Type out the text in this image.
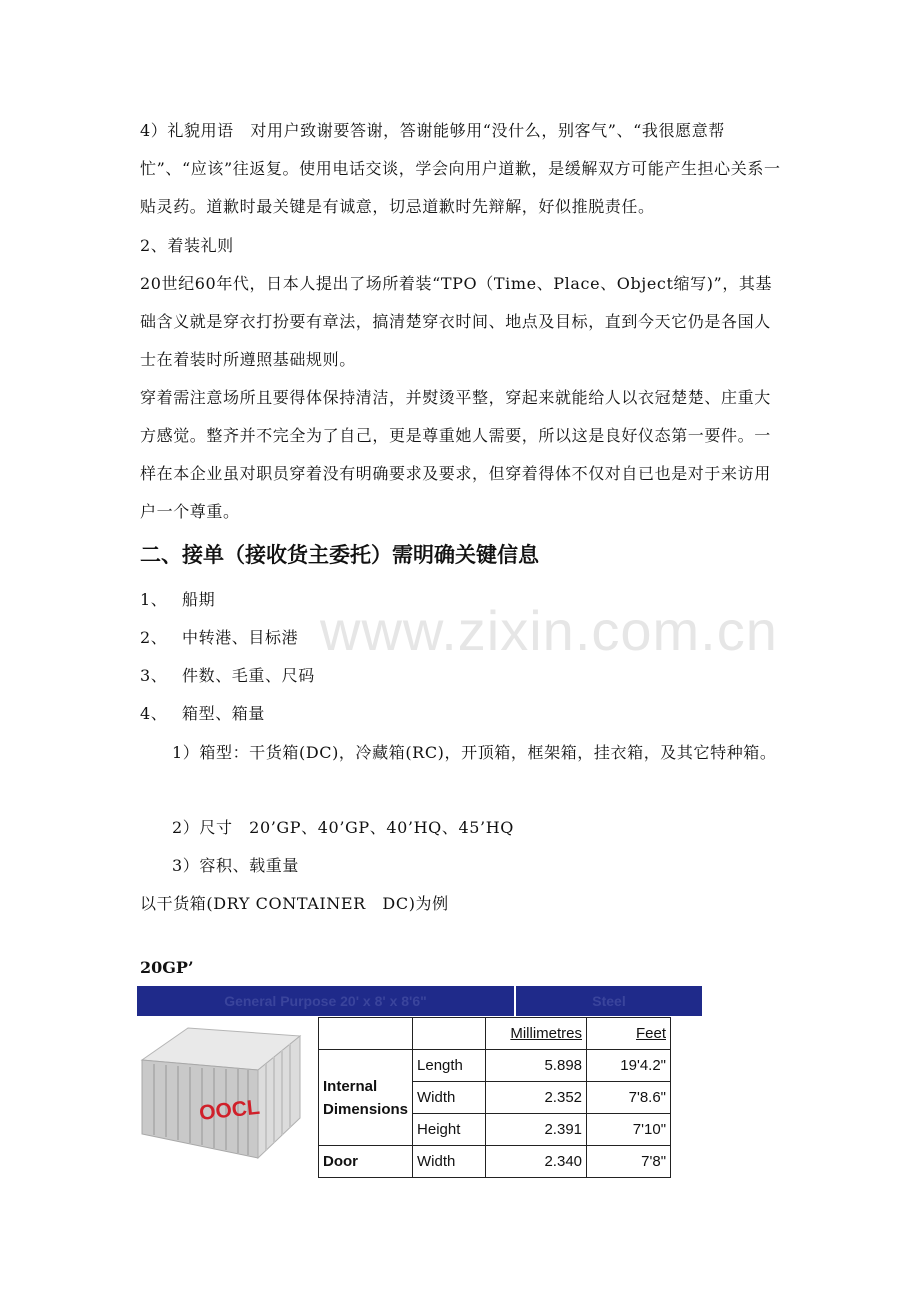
4）礼貌用语　对用户致谢要答谢，答谢能够用“没什么，别客气”、“我很愿意帮忙”、“应该”往返复。使用电话交谈，学会向用户道歉，是缓解双方可能产生担心关系一贴灵药。道歉时最关键是有诚意，切忌道歉时先辩解，好似推脱责任。
2、着装礼则
20世纪60年代，日本人提出了场所着装“TPO（Time、Place、Object缩写)”，其基础含义就是穿衣打扮要有章法，搞清楚穿衣时间、地点及目标，直到今天它仍是各国人士在着装时所遵照基础规则。
穿着需注意场所且要得体保持清洁，并熨烫平整，穿起来就能给人以衣冠楚楚、庄重大方感觉。整齐并不完全为了自己，更是尊重她人需要，所以这是良好仪态第一要件。一样在本企业虽对职员穿着没有明确要求及要求，但穿着得体不仅对自已也是对于来访用户一个尊重。
二、接单（接收货主委托）需明确关键信息
www.zixin.com.cn
1、 船期
2、 中转港、目标港
3、 件数、毛重、尺码
4、 箱型、箱量
1）箱型：干货箱(DC)，冷藏箱(RC)，开顶箱，框架箱，挂衣箱，及其它特种箱。
2）尺寸　20’GP、40’GP、40’HQ、45’HQ
3）容积、载重量
以干货箱(DRY CONTAINER　DC)为例
20GP’
General Purpose 20' x 8' x 8'6"	Steel
OOCL
		Millimetres	Feet
Internal Dimensions	Length	5.898	19'4.2"
	Width	2.352	7'8.6"
	Height	2.391	7'10"
Door	Width	2.340	7'8"
